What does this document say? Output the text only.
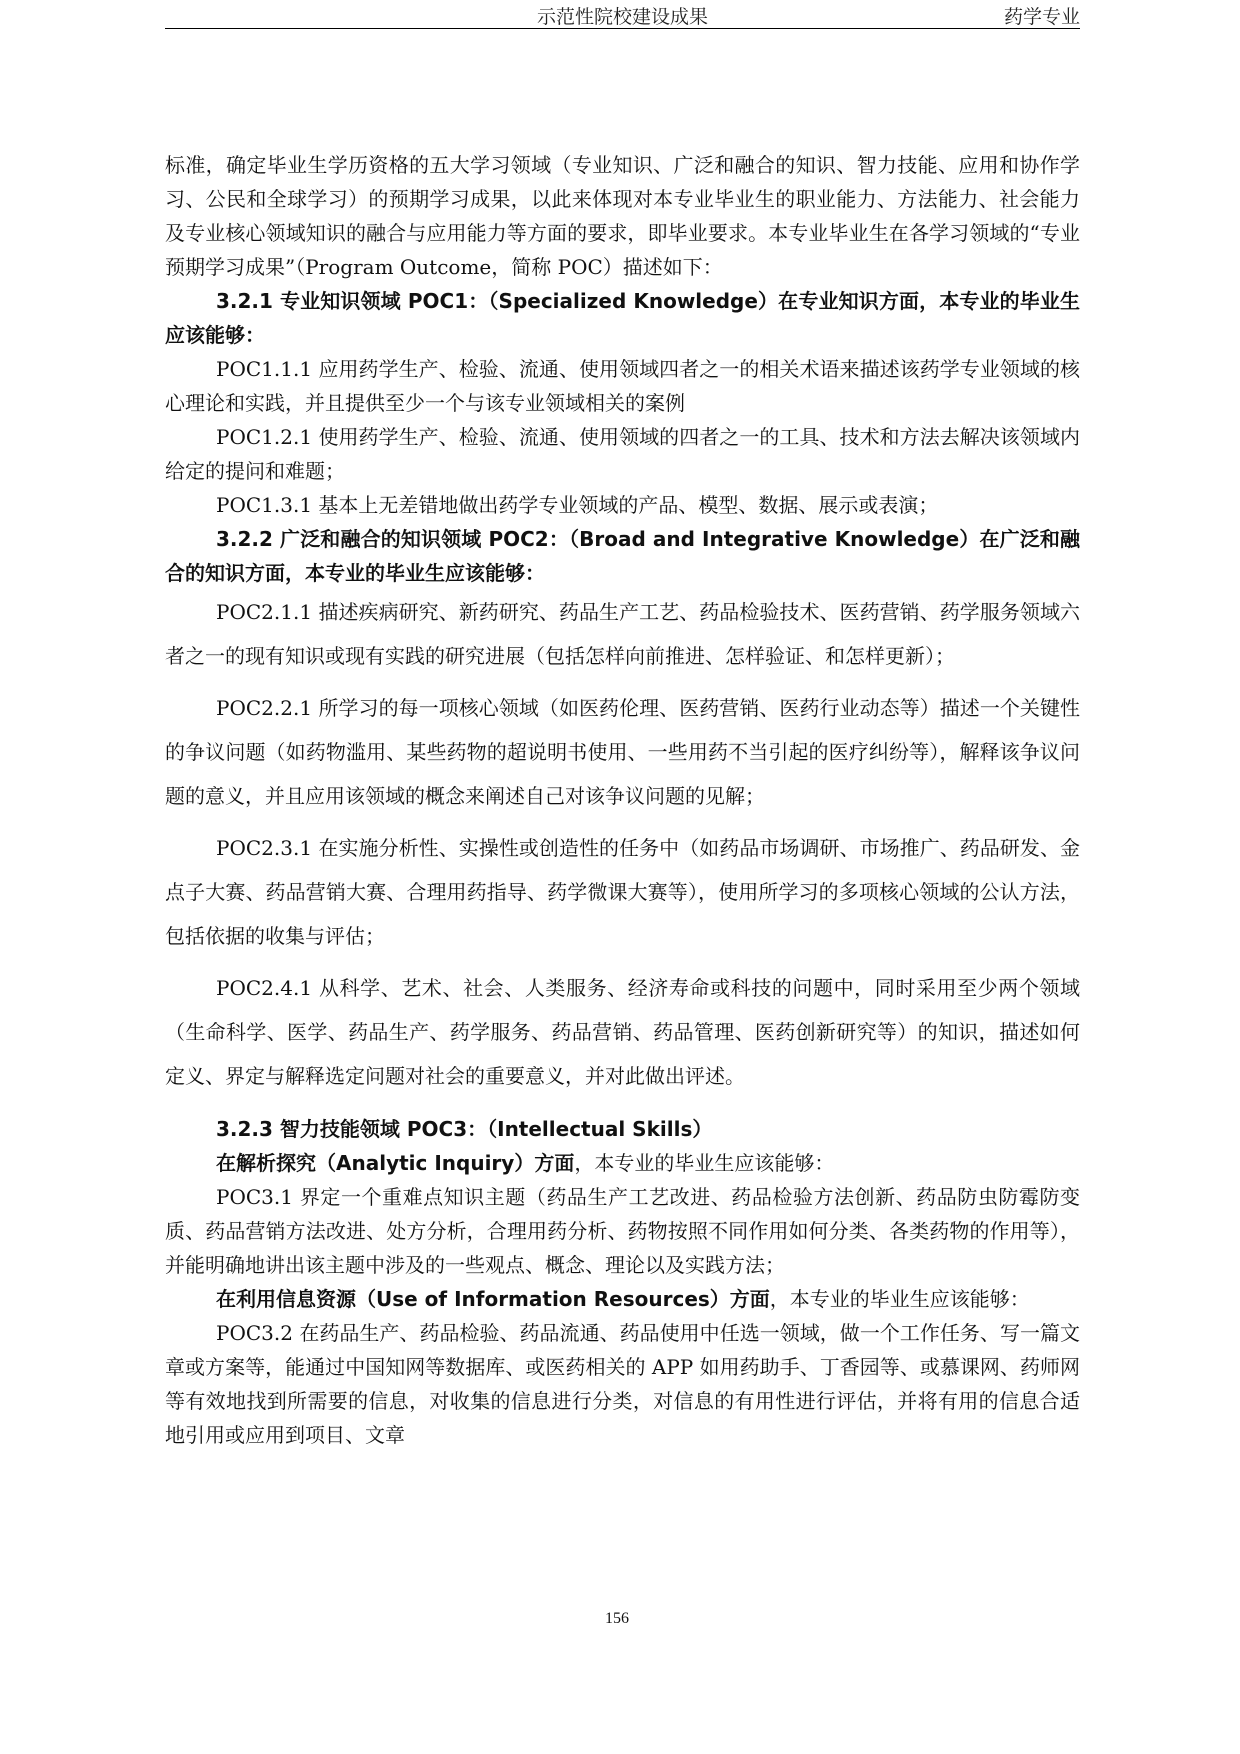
示范性院校建设成果	药学专业

标准，确定毕业生学历资格的五大学习领域（专业知识、广泛和融合的知识、智力技能、应用和协作学习、公民和全球学习）的预期学习成果，以此来体现对本专业毕业生的职业能力、方法能力、社会能力及专业核心领域知识的融合与应用能力等方面的要求，即毕业要求。本专业毕业生在各学习领域的“专业预期学习成果”（Program Outcome，简称 POC）描述如下：

3.2.1 专业知识领域 POC1：（Specialized Knowledge）在专业知识方面，本专业的毕业生应该能够：

POC1.1.1 应用药学生产、检验、流通、使用领域四者之一的相关术语来描述该药学专业领域的核心理论和实践，并且提供至少一个与该专业领域相关的案例

POC1.2.1 使用药学生产、检验、流通、使用领域的四者之一的工具、技术和方法去解决该领域内给定的提问和难题；

POC1.3.1 基本上无差错地做出药学专业领域的产品、模型、数据、展示或表演；

3.2.2 广泛和融合的知识领域 POC2：（Broad and Integrative Knowledge）在广泛和融合的知识方面，本专业的毕业生应该能够：

POC2.1.1 描述疾病研究、新药研究、药品生产工艺、药品检验技术、医药营销、药学服务领域六者之一的现有知识或现有实践的研究进展（包括怎样向前推进、怎样验证、和怎样更新）；

POC2.2.1 所学习的每一项核心领域（如医药伦理、医药营销、医药行业动态等）描述一个关键性的争议问题（如药物滥用、某些药物的超说明书使用、一些用药不当引起的医疗纠纷等），解释该争议问题的意义，并且应用该领域的概念来阐述自己对该争议问题的见解；

POC2.3.1 在实施分析性、实操性或创造性的任务中（如药品市场调研、市场推广、药品研发、金点子大赛、药品营销大赛、合理用药指导、药学微课大赛等），使用所学习的多项核心领域的公认方法，包括依据的收集与评估；

POC2.4.1 从科学、艺术、社会、人类服务、经济寿命或科技的问题中，同时采用至少两个领域（生命科学、医学、药品生产、药学服务、药品营销、药品管理、医药创新研究等）的知识，描述如何定义、界定与解释选定问题对社会的重要意义，并对此做出评述。

3.2.3 智力技能领域 POC3：（Intellectual Skills）

在解析探究（Analytic Inquiry）方面，本专业的毕业生应该能够：

POC3.1 界定一个重难点知识主题（药品生产工艺改进、药品检验方法创新、药品防虫防霉防变质、药品营销方法改进、处方分析，合理用药分析、药物按照不同作用如何分类、各类药物的作用等），并能明确地讲出该主题中涉及的一些观点、概念、理论以及实践方法；

在利用信息资源（Use of Information Resources）方面，本专业的毕业生应该能够：

POC3.2 在药品生产、药品检验、药品流通、药品使用中任选一领域，做一个工作任务、写一篇文章或方案等，能通过中国知网等数据库、或医药相关的 APP 如用药助手、丁香园等、或慕课网、药师网等有效地找到所需要的信息，对收集的信息进行分类，对信息的有用性进行评估，并将有用的信息合适地引用或应用到项目、文章

156
